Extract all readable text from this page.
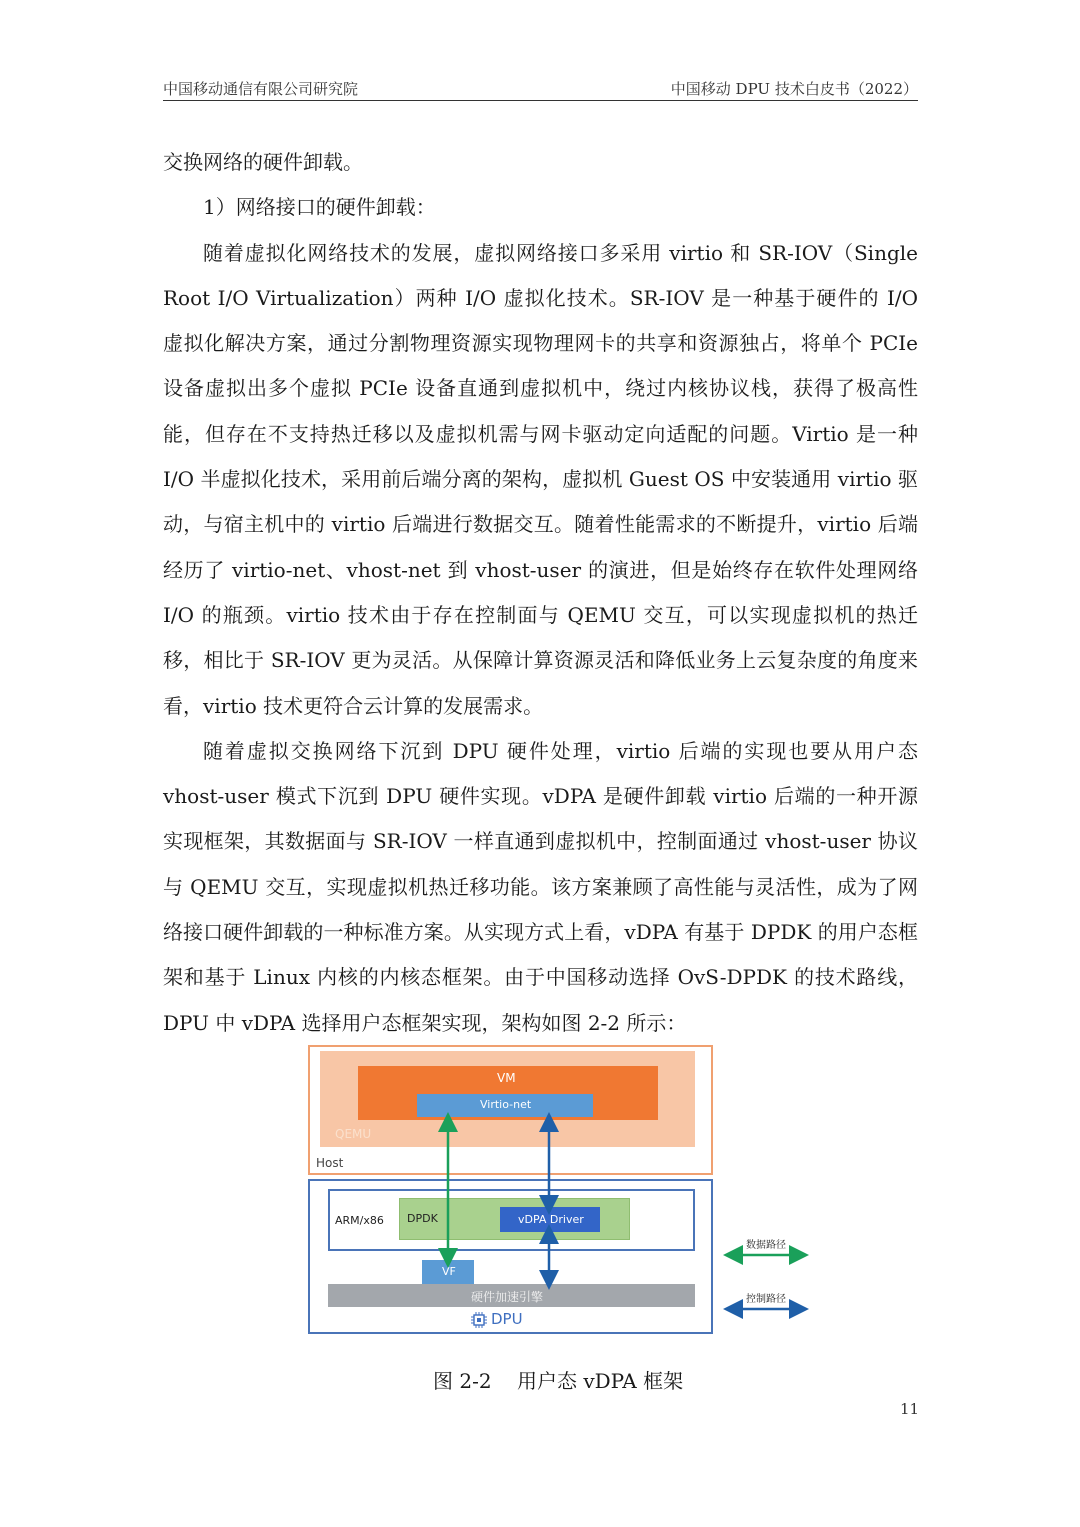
中国移动通信有限公司研究院	中国移动 DPU 技术白皮书（2022）

交换网络的硬件卸载。

1）网络接口的硬件卸载：

随着虚拟化网络技术的发展，虚拟网络接口多采用 virtio 和 SR-IOV（Single Root I/O Virtualization）两种 I/O 虚拟化技术。SR-IOV 是一种基于硬件的 I/O 虚拟化解决方案，通过分割物理资源实现物理网卡的共享和资源独占，将单个 PCIe 设备虚拟出多个虚拟 PCIe 设备直通到虚拟机中，绕过内核协议栈，获得了极高性能，但存在不支持热迁移以及虚拟机需与网卡驱动定向适配的问题。Virtio 是一种 I/O 半虚拟化技术，采用前后端分离的架构，虚拟机 Guest OS 中安装通用 virtio 驱动，与宿主机中的 virtio 后端进行数据交互。随着性能需求的不断提升，virtio 后端经历了 virtio-net、vhost-net 到 vhost-user 的演进，但是始终存在软件处理网络 I/O 的瓶颈。virtio 技术由于存在控制面与 QEMU 交互，可以实现虚拟机的热迁移，相比于 SR-IOV 更为灵活。从保障计算资源灵活和降低业务上云复杂度的角度来看，virtio 技术更符合云计算的发展需求。

随着虚拟交换网络下沉到 DPU 硬件处理，virtio 后端的实现也要从用户态 vhost-user 模式下沉到 DPU 硬件实现。vDPA 是硬件卸载 virtio 后端的一种开源实现框架，其数据面与 SR-IOV 一样直通到虚拟机中，控制面通过 vhost-user 协议与 QEMU 交互，实现虚拟机热迁移功能。该方案兼顾了高性能与灵活性，成为了网络接口硬件卸载的一种标准方案。从实现方式上看，vDPA 有基于 DPDK 的用户态框架和基于 Linux 内核的内核态框架。由于中国移动选择 OvS-DPDK 的技术路线，DPU 中 vDPA 选择用户态框架实现，架构如图 2-2 所示：

VM
Virtio-net
QEMU
Host
ARM/x86 DPDK	vDPA Driver
VF
硬件加速引擎
DPU
数据路径
控制路径
图 2-2    用户态 vDPA 框架
11
